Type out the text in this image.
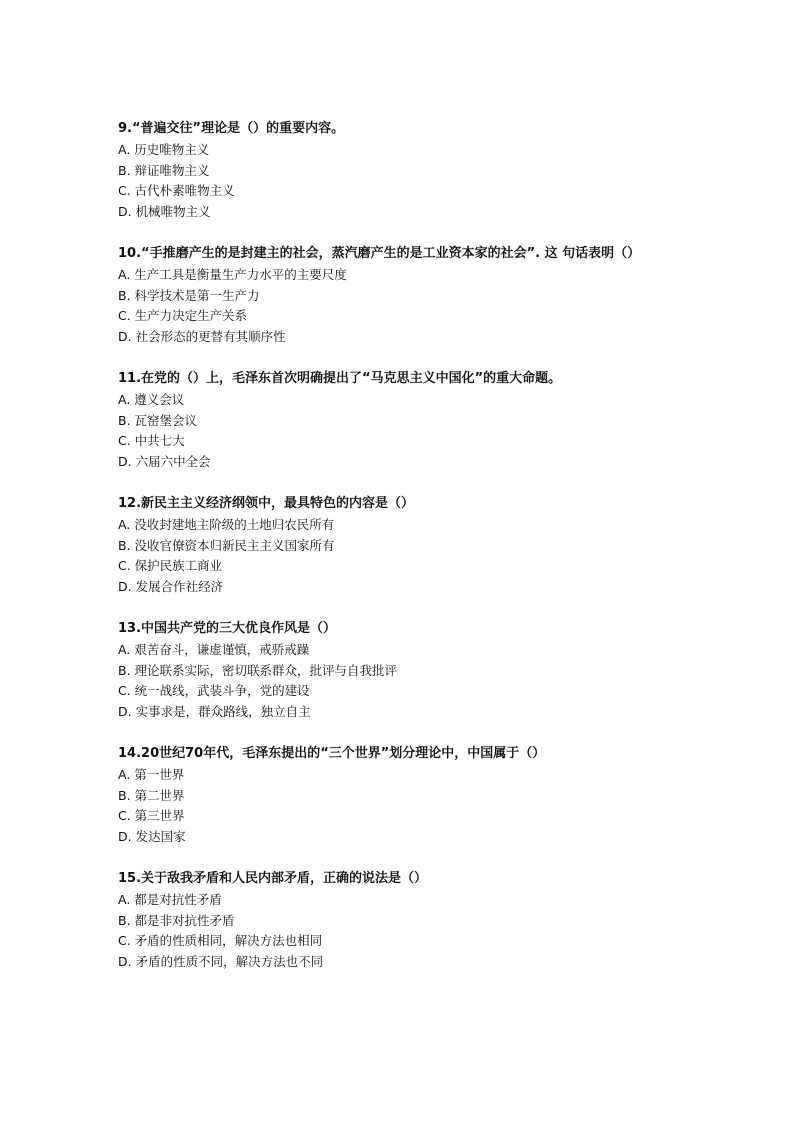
9.“普遍交往”理论是（）的重要内容。
A. 历史唯物主义
B. 辩证唯物主义
C. 古代朴素唯物主义
D. 机械唯物主义
10.“手推磨产生的是封建主的社会，蒸汽磨产生的是工业资本家的社会”. 这 句话表明（）
A. 生产工具是衡量生产力水平的主要尺度
B. 科学技术是第一生产力
C. 生产力决定生产关系
D. 社会形态的更替有其顺序性
11.在党的（）上，毛泽东首次明确提出了“马克思主义中国化”的重大命题。
A. 遵义会议
B. 瓦窑堡会议
C. 中共七大
D. 六届六中全会
12.新民主主义经济纲领中，最具特色的内容是（）
A. 没收封建地主阶级的土地归农民所有
B. 没收官僚资本归新民主主义国家所有
C. 保护民族工商业
D. 发展合作社经济
13.中国共产党的三大优良作风是（）
A. 艰苦奋斗，谦虚谨慎，戒骄戒躁
B. 理论联系实际，密切联系群众，批评与自我批评
C. 统一战线，武装斗争，党的建设
D. 实事求是，群众路线，独立自主
14.20世纪70年代，毛泽东提出的“三个世界”划分理论中，中国属于（）
A. 第一世界
B. 第二世界
C. 第三世界
D. 发达国家
15.关于敌我矛盾和人民内部矛盾，正确的说法是（）
A. 都是对抗性矛盾
B. 都是非对抗性矛盾
C. 矛盾的性质相同，解决方法也相同
D. 矛盾的性质不同，解决方法也不同
